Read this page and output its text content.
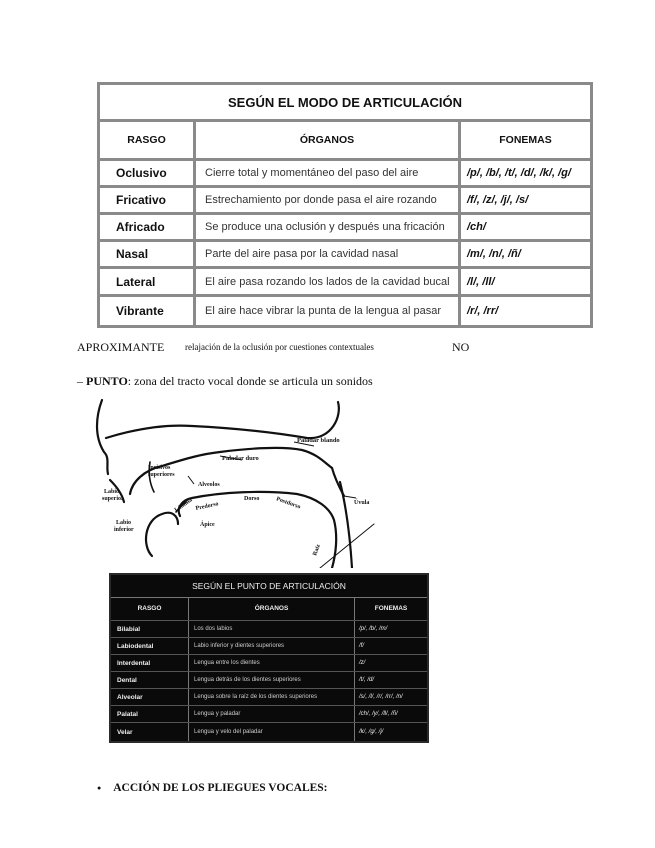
SEGÚN EL MODO DE ARTICULACIÓN
RASGO	ÓRGANOS	FONEMAS
Oclusivo	Cierre total y momentáneo del paso del aire	/p/, /b/, /t/, /d/, /k/, /g/
Fricativo	Estrechamiento por donde pasa el aire rozando	/f/, /z/, /j/, /s/
Africado	Se produce una oclusión y después una fricación	/ch/
Nasal	Parte del aire pasa por la cavidad nasal	/m/, /n/, /ñ/
Lateral	El aire pasa rozando los lados de la cavidad bucal	/l/, /ll/
Vibrante	El aire hace vibrar la punta de la lengua al pasar	/r/, /rr/
APROXIMANTE relajación de la oclusión por cuestiones contextuales	NO
– PUNTO: zona del tracto vocal donde se articula un sonidos
Paladar blando
Paladar duro
Incisivos
superiores
Alveolos
Labio
superior
Labio
inferior
Lámina Predorso
Dorso	Postdorso	Úvula
Ápice
Raíz
SEGÚN EL PUNTO DE ARTICULACIÓN
RASGO	ÓRGANOS	FONEMAS
Bilabial	Los dos labios	/p/, /b/, /m/
Labiodental	Labio inferior y dientes superiores	/f/
Interdental	Lengua entre los dientes	/z/
Dental	Lengua detrás de los dientes superiores	/t/, /d/
Alveolar	Lengua sobre la raíz de los dientes superiores	/s/, /l/, /r/, /rr/, /n/
Palatal	Lengua y paladar	/ch/, /y/, /ll/, /ñ/
Velar	Lengua y velo del paladar	/k/, /g/, /j/
● ACCIÓN DE LOS PLIEGUES VOCALES:
